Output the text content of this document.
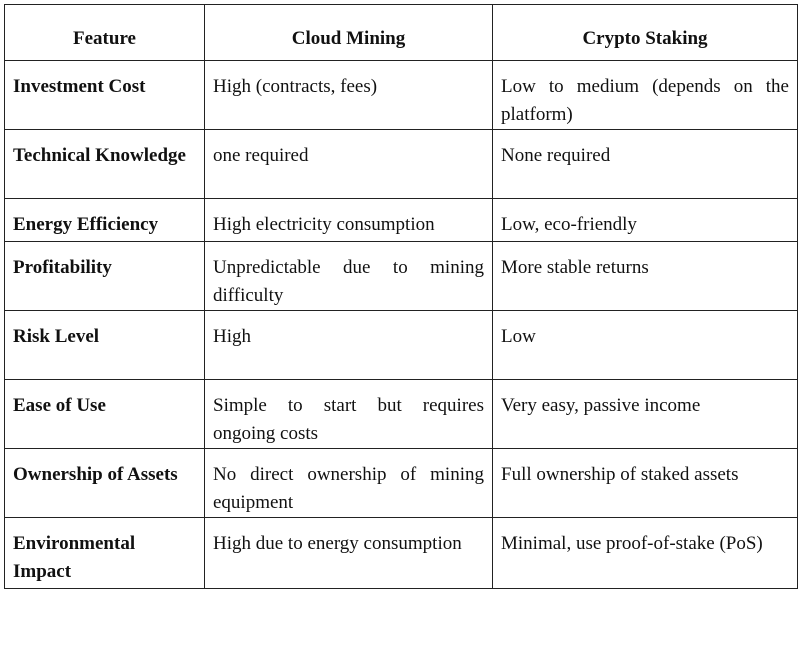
Feature	Cloud Mining	Crypto Staking
Investment Cost	High (contracts, fees)	Low to medium (depends on the platform)
Technical Knowledge	one required	None required
Energy Efficiency	High electricity consumption	Low, eco-friendly
Profitability	Unpredictable due to mining difficulty	More stable returns
Risk Level	High	Low
Ease of Use	Simple to start but requires ongoing costs	Very easy, passive income
Ownership of Assets	No direct ownership of mining equipment	Full ownership of staked assets
Environmental Impact	High due to energy consumption	Minimal, use proof-of-stake (PoS)
